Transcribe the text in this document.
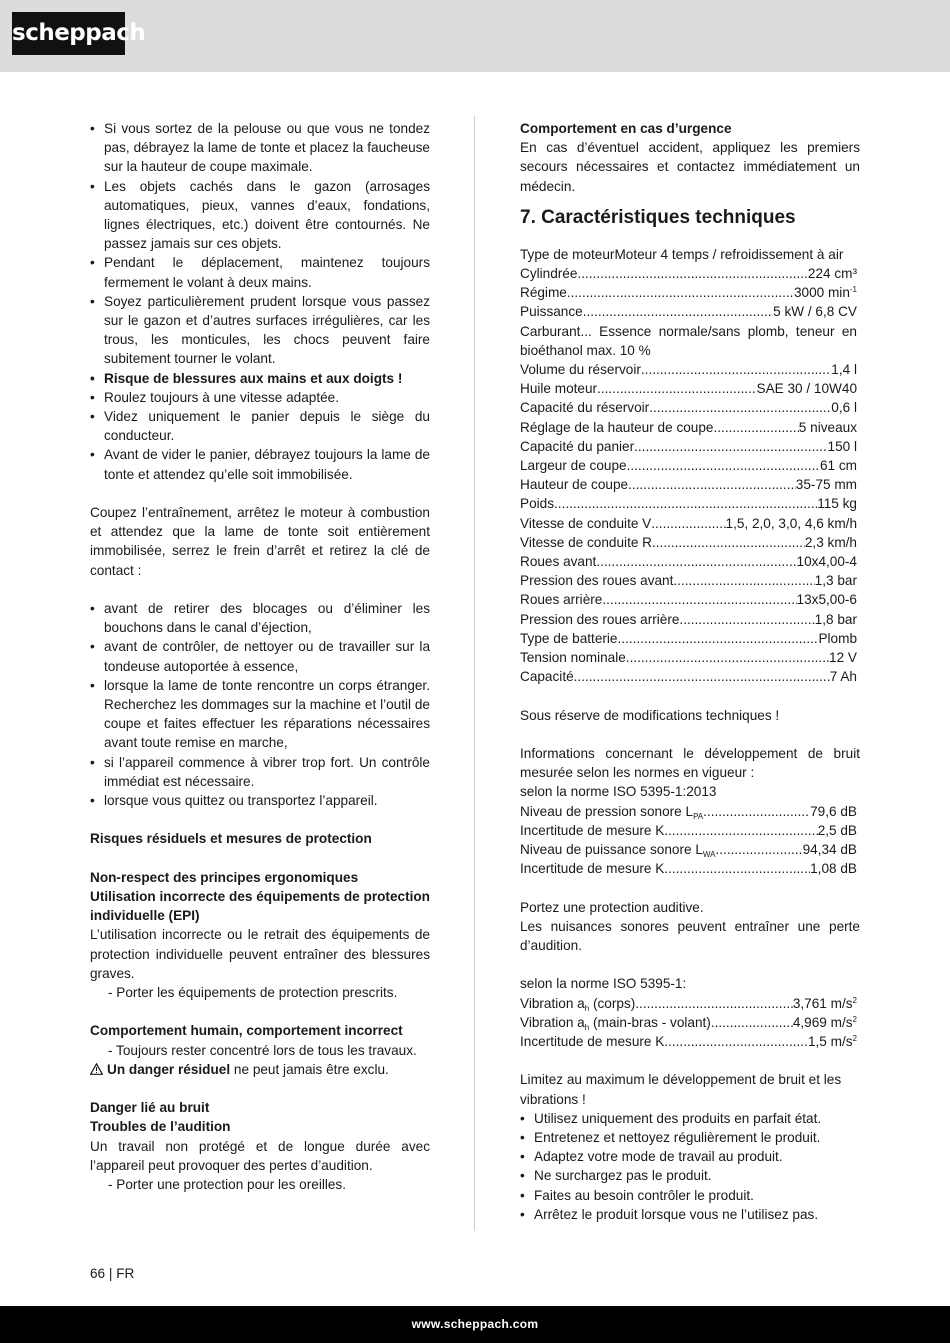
scheppach
• Si vous sortez de la pelouse ou que vous ne tondez pas, débrayez la lame de tonte et placez la faucheuse sur la hauteur de coupe maximale.
• Les objets cachés dans le gazon (arrosages automatiques, pieux, vannes d’eaux, fondations, lignes électriques, etc.) doivent être contournés. Ne passez jamais sur ces objets.
• Pendant le déplacement, maintenez toujours fermement le volant à deux mains.
• Soyez particulièrement prudent lorsque vous passez sur le gazon et d’autres surfaces irrégulières, car les trous, les monticules, les chocs peuvent faire subitement tourner le volant.
• Risque de blessures aux mains et aux doigts !
• Roulez toujours à une vitesse adaptée.
• Videz uniquement le panier depuis le siège du conducteur.
• Avant de vider le panier, débrayez toujours la lame de tonte et attendez qu’elle soit immobilisée.

Coupez l’entraînement, arrêtez le moteur à combustion et attendez que la lame de tonte soit entièrement immobilisée, serrez le frein d’arrêt et retirez la clé de contact :

• avant de retirer des blocages ou d’éliminer les bouchons dans le canal d’éjection,
• avant de contrôler, de nettoyer ou de travailler sur la tondeuse autoportée à essence,
• lorsque la lame de tonte rencontre un corps étranger. Recherchez les dommages sur la machine et l’outil de coupe et faites effectuer les réparations nécessaires avant toute remise en marche,
• si l’appareil commence à vibrer trop fort. Un contrôle immédiat est nécessaire.
• lorsque vous quittez ou transportez l’appareil.

Risques résiduels et mesures de protection

Non-respect des principes ergonomiques

Utilisation incorrecte des équipements de protection individuelle (EPI)

L’utilisation incorrecte ou le retrait des équipements de protection individuelle peuvent entraîner des blessures graves.

- Porter les équipements de protection prescrits.

Comportement humain, comportement incorrect

- Toujours rester concentré lors de tous les travaux.

Un danger résiduel ne peut jamais être exclu.

Danger lié au bruit

Troubles de l’audition

Un travail non protégé et de longue durée avec l’appareil peut provoquer des pertes d’audition.

- Porter une protection pour les oreilles.

Comportement en cas d’urgence

En cas d’éventuel accident, appliquez les premiers secours nécessaires et contactez immédiatement un médecin.

7. Caractéristiques techniques

Type de moteurMoteur 4 temps / refroidissement à air

Cylindrée .....	224 cm³
Régime .....	3000 $\min^{-1}$
Puissance .....	5 kW / 6,8 CV

Carburant... Essence normale/sans plomb, teneur en bioéthanol max. 10 %

Volume du réservoir .....	1,4 l
Huile moteur .....	SAE 30 / 10W40
Capacité du réservoir .....	0,6 l
Réglage de la hauteur de coupe .....	5 niveaux
Capacité du panier .....	150 l
Largeur de coupe .....	61 cm
Hauteur de coupe .....	35-75 mm
Poids .....	115 kg
Vitesse de conduite V .....	1,5, 2,0, 3,0, 4,6 km/h
Vitesse de conduite R .....	2,3 km/h
Roues avant .....	10x4,00-4
Pression des roues avant .....	1,3 bar
Roues arrière .....	13x5,00-6
Pression des roues arrière .....	1,8 bar
Type de batterie .....	Plomb
Tension nominale .....	12 V
Capacité .....	7 Ah

Sous réserve de modifications techniques !

Informations concernant le développement de bruit mesurée selon les normes en vigueur :

selon la norme ISO 5395-1:2013

Niveau de pression sonore $L_{PA}$ .....	79,6 dB
Incertitude de mesure K .....	2,5 dB
Niveau de puissance sonore $L_{WA}$ .....	94,34 dB
Incertitude de mesure K .....	1,08 dB

Portez une protection auditive.

Les nuisances sonores peuvent entraîner une perte d’audition.

selon la norme ISO 5395-1:

Vibration $a_h$ (corps) .....	3,761 $m/s^2$
Vibration $a_h$ (main-bras - volant) .....	4,969 $m/s^2$
Incertitude de mesure K .....	1,5 $m/s^2$

Limitez au maximum le développement de bruit et les vibrations !

• Utilisez uniquement des produits en parfait état.
• Entretenez et nettoyez régulièrement le produit.
• Adaptez votre mode de travail au produit.
• Ne surchargez pas le produit.
• Faites au besoin contrôler le produit.
• Arrêtez le produit lorsque vous ne l’utilisez pas.
66 | FR
www.scheppach.com
